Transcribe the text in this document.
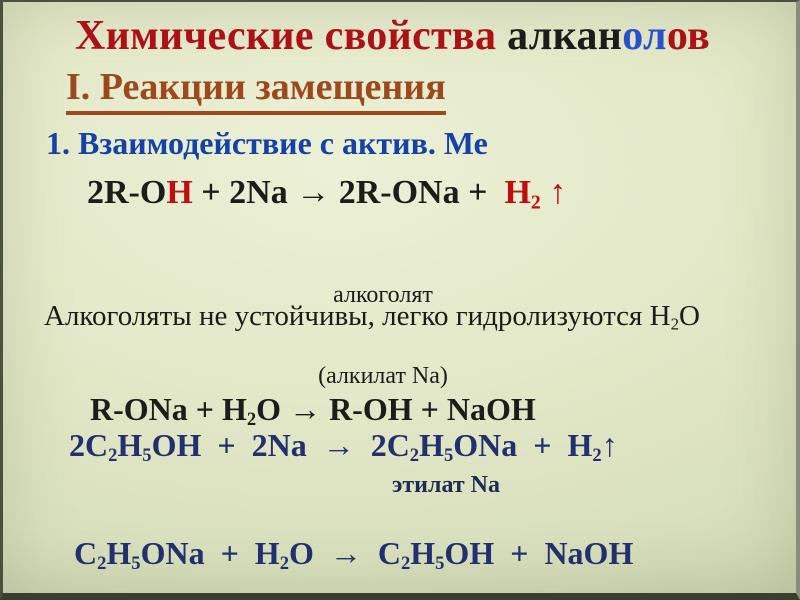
Химические свойства алканолов
I. Реакции замещения
1. Взаимодействие с актив. Ме
$2R-OH + 2Na \to 2R-ONa + H_2$ ↑

алкоголят

(алкилат Na)

Алкоголяты не устойчивы, легко гидролизуются $H_2O$
$R-ONa + H_2O \to R-OH$ + NaOH
$2C_2H_5OH + 2Na \to 2C_2H_5ONa$  +  $H_2↑$
этилат Na
$C_2H_5ONa + H_2O \to C_2H_5OH$  +  NaOH
